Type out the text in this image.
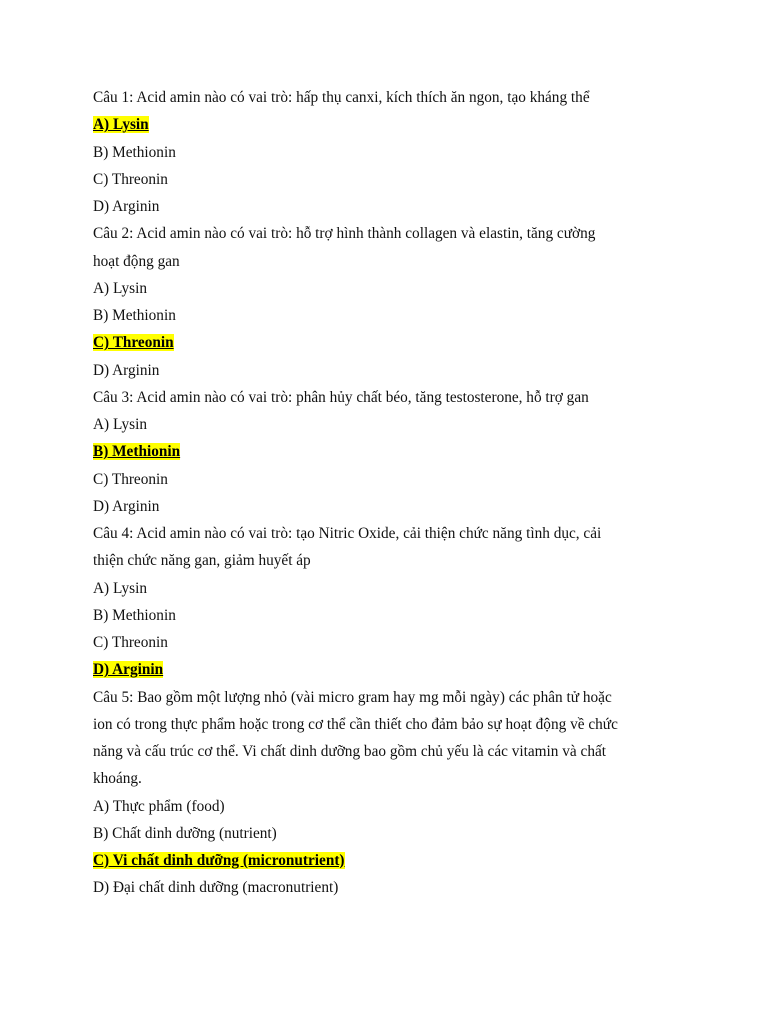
Câu 1: Acid amin nào có vai trò: hấp thụ canxi, kích thích ăn ngon, tạo kháng thể
A) Lysin
B) Methionin
C) Threonin
D) Arginin
Câu 2: Acid amin nào có vai trò: hỗ trợ hình thành collagen và elastin, tăng cường
hoạt động gan
A) Lysin
B) Methionin
C) Threonin
D) Arginin
Câu 3: Acid amin nào có vai trò: phân hủy chất béo, tăng testosterone, hỗ trợ gan
A) Lysin
B) Methionin
C) Threonin
D) Arginin
Câu 4: Acid amin nào có vai trò: tạo Nitric Oxide, cải thiện chức năng tình dục, cải
thiện chức năng gan, giảm huyết áp
A) Lysin
B) Methionin
C) Threonin
D) Arginin
Câu 5: Bao gồm một lượng nhỏ (vài micro gram hay mg mỗi ngày) các phân tử hoặc
ion có trong thực phẩm hoặc trong cơ thể cần thiết cho đảm bảo sự hoạt động về chức
năng và cấu trúc cơ thể. Vi chất dinh dưỡng bao gồm chủ yếu là các vitamin và chất
khoáng.
A) Thực phẩm (food)
B) Chất dinh dưỡng (nutrient)
C) Vi chất dinh dưỡng (micronutrient)
D) Đại chất dinh dưỡng (macronutrient)
